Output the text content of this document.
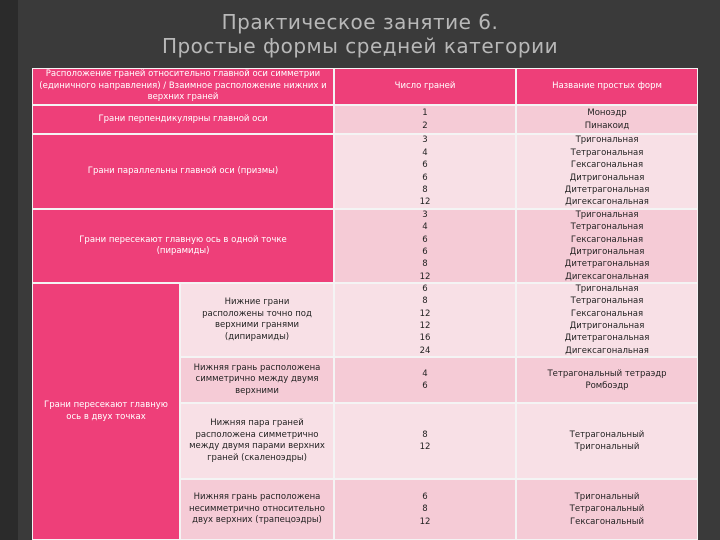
Практическое занятие 6.
Простые формы средней категории
Расположение граней относительно главной оси симметрии (единичного направления) / Взаимное расположение нижних и верхних граней
Число граней	Название простых форм
Грани перпендикулярны главной оси
1
2
Моноэдр
Пинакоид
Грани параллельны главной оси (призмы)
3
4
6
6
8
12
Тригональная
Тетрагональная
Гексагональная
Дитригональная
Дитетрагональная
Дигексагональная
Грани пересекают главную ось в одной точке (пирамиды)
3
4
6
6
8
12
Тригональная
Тетрагональная
Гексагональная
Дитригональная
Дитетрагональная
Дигексагональная
Грани пересекают главную ось в двух точках
Нижние грани расположены точно под верхними гранями (дипирамиды)
6
8
12
12
16
24
Тригональная
Тетрагональная
Гексагональная
Дитригональная
Дитетрагональная
Дигексагональная
Нижняя грань расположена симметрично между двумя верхними
4
6
Тетрагональный тетраэдр
Ромбоэдр
Нижняя пара граней расположена симметрично между двумя парами верхних граней (скаленоэдры)
8
12
Тетрагональный
Тригональный
Нижняя грань расположена несимметрично относительно двух верхних (трапецоэдры)
6
8
12
Тригональный
Тетрагональный
Гексагональный
